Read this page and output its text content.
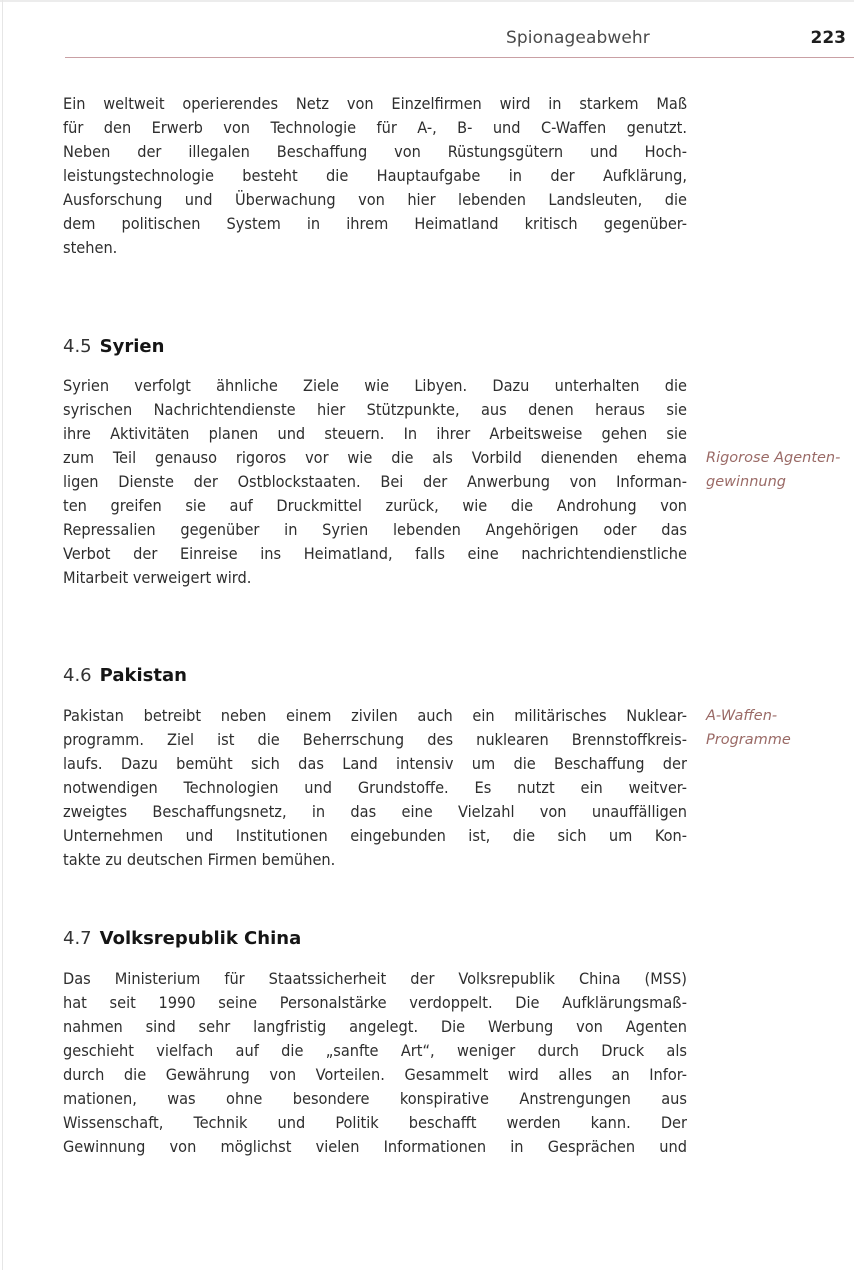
Spionageabwehr	223
Ein weltweit operierendes Netz von Einzelfirmen wird in starkem Maß
für den Erwerb von Technologie für A-, B- und C-Waffen genutzt.
Neben der illegalen Beschaffung von Rüstungsgütern und Hoch-
leistungstechnologie besteht die Hauptaufgabe in der Aufklärung,
Ausforschung und Überwachung von hier lebenden Landsleuten, die
dem politischen System in ihrem Heimatland kritisch gegenüber-
stehen.
4.5 Syrien
Syrien verfolgt ähnliche Ziele wie Libyen. Dazu unterhalten die
syrischen Nachrichtendienste hier Stützpunkte, aus denen heraus sie
ihre Aktivitäten planen und steuern. In ihrer Arbeitsweise gehen sie
zum Teil genauso rigoros vor wie die als Vorbild dienenden ehema
ligen Dienste der Ostblockstaaten. Bei der Anwerbung von Informan-
ten greifen sie auf Druckmittel zurück, wie die Androhung von
Repressalien gegenüber in Syrien lebenden Angehörigen oder das
Verbot der Einreise ins Heimatland, falls eine nachrichtendienstliche
Mitarbeit verweigert wird.
Rigorose Agenten-
gewinnung
4.6 Pakistan
Pakistan betreibt neben einem zivilen auch ein militärisches Nuklear-
programm. Ziel ist die Beherrschung des nuklearen Brennstoffkreis-
laufs. Dazu bemüht sich das Land intensiv um die Beschaffung der
notwendigen Technologien und Grundstoffe. Es nutzt ein weitver-
zweigtes Beschaffungsnetz, in das eine Vielzahl von unauffälligen
Unternehmen und Institutionen eingebunden ist, die sich um Kon-
takte zu deutschen Firmen bemühen.
A-Waffen-
Programme
4.7 Volksrepublik China
Das Ministerium für Staatssicherheit der Volksrepublik China (MSS)
hat seit 1990 seine Personalstärke verdoppelt. Die Aufklärungsmaß-
nahmen sind sehr langfristig angelegt. Die Werbung von Agenten
geschieht vielfach auf die „sanfte Art“, weniger durch Druck als
durch die Gewährung von Vorteilen. Gesammelt wird alles an Infor-
mationen, was ohne besondere konspirative Anstrengungen aus
Wissenschaft, Technik und Politik beschafft werden kann. Der
Gewinnung von möglichst vielen Informationen in Gesprächen und
